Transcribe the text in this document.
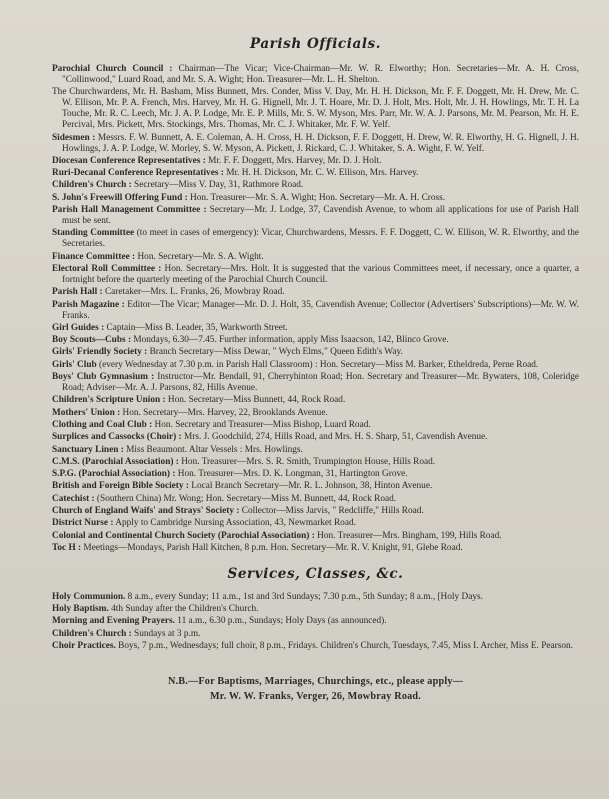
Parish Officials.
Parochial Church Council : Chairman—The Vicar; Vice-Chairman—Mr. W. R. Elworthy; Hon. Secretaries—Mr. A. H. Cross, "Collinwood," Luard Road, and Mr. S. A. Wight; Hon. Treasurer—Mr. L. H. Shelton.
The Churchwardens, Mr. H. Basham, Miss Bunnett, Mrs. Conder, Miss V. Day, Mr. H. H. Dickson, Mr. F. F. Doggett, Mr. H. Drew, Mr. C. W. Ellison, Mr. P. A. French, Mrs. Harvey, Mr. H. G. Hignell, Mr. J. T. Hoare, Mr. D. J. Holt, Mrs. Holt, Mr. J. H. Howlings, Mr. T. H. La Touche, Mr. R. C. Leech, Mr. J. A. P. Lodge, Mr. E. P. Mills, Mr. S. W. Myson, Mrs. Parr, Mr. W. A. J. Parsons, Mr. M. Pearson, Mr. H. E. Percival, Mrs. Pickett, Mrs. Stockings, Mrs. Thomas, Mr. C. J. Whitaker, Mr. F. W. Yelf.
Sidesmen : Messrs. F. W. Bunnett, A. E. Coleman, A. H. Cross, H. H. Dickson, F. F. Doggett, H. Drew, W. R. Elworthy, H. G. Hignell, J. H. Howlings, J. A. P. Lodge, W. Morley, S. W. Myson, A. Pickett, J. Rickard, C. J. Whitaker, S. A. Wight, F. W. Yelf.
Diocesan Conference Representatives : Mr. F. F. Doggett, Mrs. Harvey, Mr. D. J. Holt.
Ruri-Decanal Conference Representatives : Mr. H. H. Dickson, Mr. C. W. Ellison, Mrs. Harvey.
Children's Church : Secretary—Miss V. Day, 31, Rathmore Road.
S. John's Freewill Offering Fund : Hon. Treasurer—Mr. S. A. Wight; Hon. Secretary—Mr. A. H. Cross.
Parish Hall Management Committee : Secretary—Mr. J. Lodge, 37, Cavendish Avenue, to whom all applications for use of Parish Hall must be sent.
Standing Committee (to meet in cases of emergency): Vicar, Churchwardens, Messrs. F. F. Doggett, C. W. Ellison, W. R. Elworthy, and the Secretaries.
Finance Committee : Hon. Secretary—Mr. S. A. Wight.
Electoral Roll Committee : Hon. Secretary—Mrs. Holt. It is suggested that the various Committees meet, if necessary, once a quarter, a fortnight before the quarterly meeting of the Parochial Church Council.
Parish Hall : Caretaker—Mrs. L. Franks, 26, Mowbray Road.
Parish Magazine : Editor—The Vicar; Manager—Mr. D. J. Holt, 35, Cavendish Avenue; Collector (Advertisers' Subscriptions)—Mr. W. W. Franks.
Girl Guides : Captain—Miss B. Leader, 35, Warkworth Street.
Boy Scouts—Cubs : Mondays, 6.30—7.45. Further information, apply Miss Isaacson, 142, Blinco Grove.
Girls' Friendly Society : Branch Secretary—Miss Dewar, " Wych Elms," Queen Edith's Way.
Girls' Club (every Wednesday at 7.30 p.m. in Parish Hall Classroom) : Hon. Secretary—Miss M. Barker, Etheldreda, Perne Road.
Boys' Club Gymnasium : Instructor—Mr. Bendall, 91, Cherryhinton Road; Hon. Secretary and Treasurer—Mr. Bywaters, 108, Coleridge Road; Adviser—Mr. A. J. Parsons, 82, Hills Avenue.
Children's Scripture Union : Hon. Secretary—Miss Bunnett, 44, Rock Road.
Mothers' Union : Hon. Secretary—Mrs. Harvey, 22, Brooklands Avenue.
Clothing and Coal Club : Hon. Secretary and Treasurer—Miss Bishop, Luard Road.
Surplices and Cassocks (Choir) : Mrs. J. Goodchild, 274, Hills Road, and Mrs. H. S. Sharp, 51, Cavendish Avenue.
Sanctuary Linen : Miss Beaumont. Altar Vessels : Mrs. Howlings.
C.M.S. (Parochial Association) : Hon. Treasurer—Mrs. S. R. Smith, Trumpington House, Hills Road.
S.P.G. (Parochial Association) : Hon. Treasurer—Mrs. D. K. Longman, 31, Hartington Grove.
British and Foreign Bible Society : Local Branch Secretary—Mr. R. L. Johnson, 38, Hinton Avenue.
Catechist : (Southern China) Mr. Wong; Hon. Secretary—Miss M. Bunnett, 44, Rock Road.
Church of England Waifs' and Strays' Society : Collector—Miss Jarvis, " Redcliffe," Hills Road.
District Nurse : Apply to Cambridge Nursing Association, 43, Newmarket Road.
Colonial and Continental Church Society (Parochial Association) : Hon. Treasurer—Mrs. Bingham, 199, Hills Road.
Toc H : Meetings—Mondays, Parish Hall Kitchen, 8 p.m. Hon. Secretary—Mr. R. V. Knight, 91, Glebe Road.
Services, Classes, &c.
Holy Communion. 8 a.m., every Sunday; 11 a.m., 1st and 3rd Sundays; 7.30 p.m., 5th Sunday; 8 a.m., [Holy Days.
Holy Baptism. 4th Sunday after the Children's Church.
Morning and Evening Prayers. 11 a.m., 6.30 p.m., Sundays; Holy Days (as announced).
Children's Church : Sundays at 3 p.m.
Choir Practices. Boys, 7 p.m., Wednesdays; full choir, 8 p.m., Fridays. Children's Church, Tuesdays, 7.45, Miss I. Archer, Miss E. Pearson.
N.B.—For Baptisms, Marriages, Churchings, etc., please apply—
Mr. W. W. Franks, Verger, 26, Mowbray Road.
